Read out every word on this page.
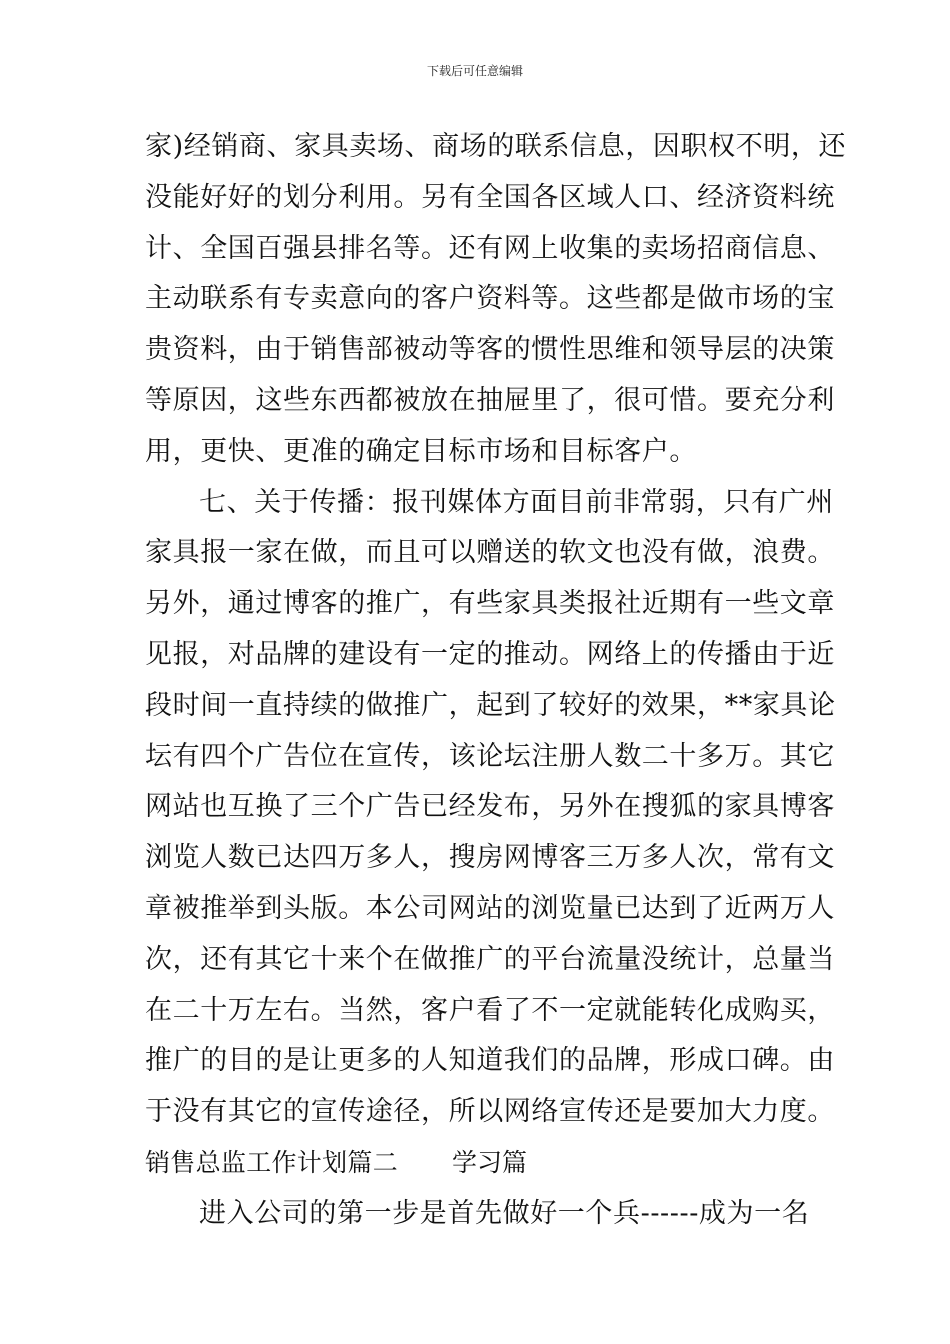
下载后可任意编辑
家)经销商、家具卖场、商场的联系信息，因职权不明，还
没能好好的划分利用。另有全国各区域人口、经济资料统
计、全国百强县排名等。还有网上收集的卖场招商信息、
主动联系有专卖意向的客户资料等。这些都是做市场的宝
贵资料，由于销售部被动等客的惯性思维和领导层的决策
等原因，这些东西都被放在抽屉里了，很可惜。要充分利
用，更快、更准的确定目标市场和目标客户。
七、关于传播：报刊媒体方面目前非常弱，只有广州
家具报一家在做，而且可以赠送的软文也没有做，浪费。
另外，通过博客的推广，有些家具类报社近期有一些文章
见报，对品牌的建设有一定的推动。网络上的传播由于近
段时间一直持续的做推广，起到了较好的效果，**家具论
坛有四个广告位在宣传，该论坛注册人数二十多万。其它
网站也互换了三个广告已经发布，另外在搜狐的家具博客
浏览人数已达四万多人，搜房网博客三万多人次，常有文
章被推举到头版。本公司网站的浏览量已达到了近两万人
次，还有其它十来个在做推广的平台流量没统计，总量当
在二十万左右。当然，客户看了不一定就能转化成购买，
推广的目的是让更多的人知道我们的品牌，形成口碑。由
于没有其它的宣传途径，所以网络宣传还是要加大力度。
销售总监工作计划篇二 学习篇
进入公司的第一步是首先做好一个兵------成为一名
